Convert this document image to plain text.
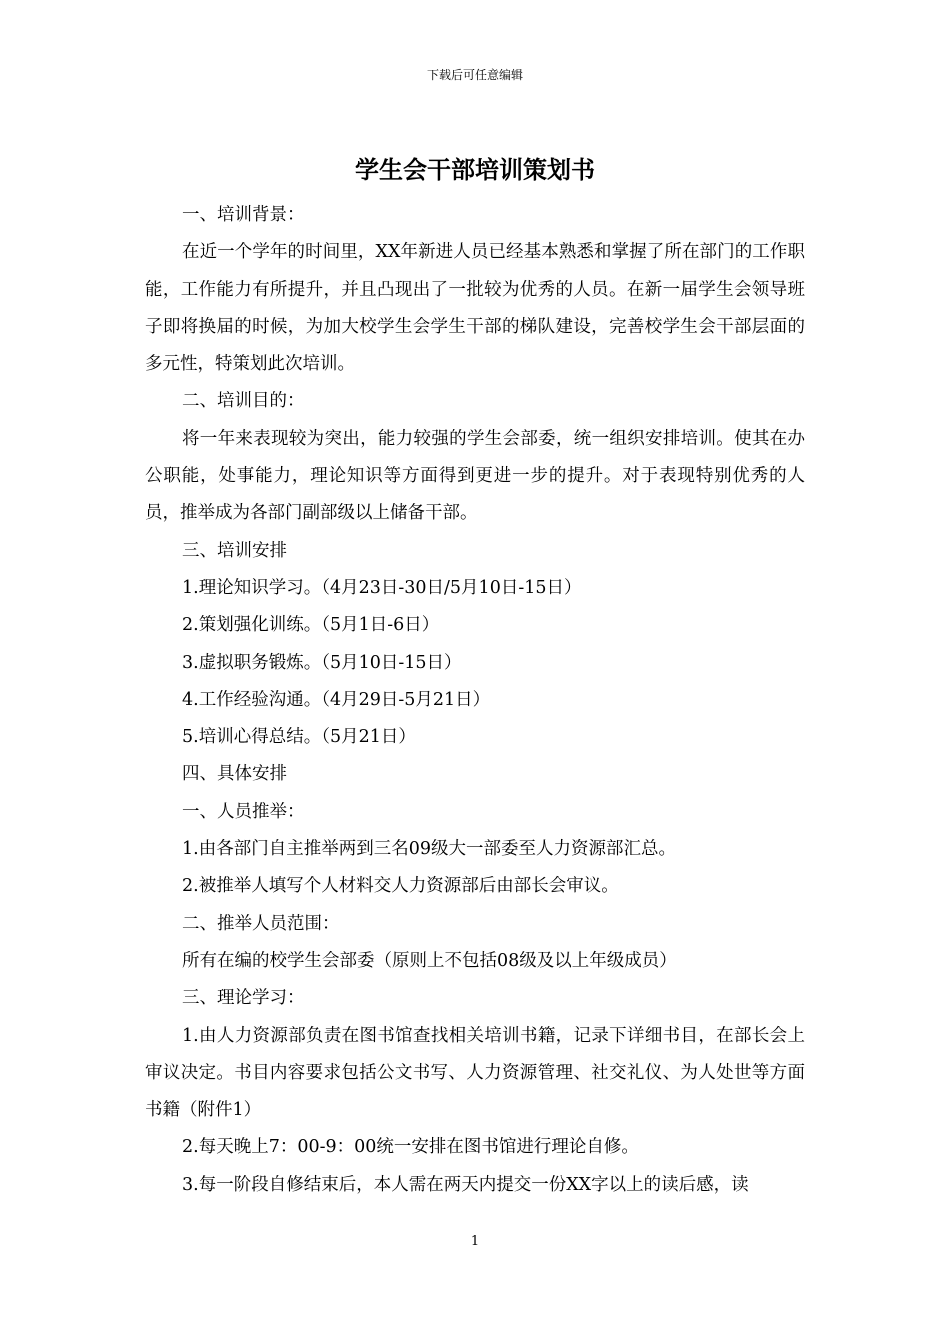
下载后可任意编辑
学生会干部培训策划书

一、培训背景：

在近一个学年的时间里，XX年新进人员已经基本熟悉和掌握了所在部门的工作职能，工作能力有所提升，并且凸现出了一批较为优秀的人员。在新一届学生会领导班子即将换届的时候，为加大校学生会学生干部的梯队建设，完善校学生会干部层面的多元性，特策划此次培训。

二、培训目的：

将一年来表现较为突出，能力较强的学生会部委，统一组织安排培训。使其在办公职能，处事能力，理论知识等方面得到更进一步的提升。对于表现特别优秀的人员，推举成为各部门副部级以上储备干部。

三、培训安排

1.理论知识学习。（4月23日-30日/5月10日-15日）

2.策划强化训练。（5月1日-6日）

3.虚拟职务锻炼。（5月10日-15日）

4.工作经验沟通。（4月29日-5月21日）

5.培训心得总结。（5月21日）

四、具体安排

一、人员推举：

1.由各部门自主推举两到三名09级大一部委至人力资源部汇总。

2.被推举人填写个人材料交人力资源部后由部长会审议。

二、推举人员范围：

所有在编的校学生会部委（原则上不包括08级及以上年级成员）

三、理论学习：

1.由人力资源部负责在图书馆查找相关培训书籍，记录下详细书目，在部长会上审议决定。书目内容要求包括公文书写、人力资源管理、社交礼仪、为人处世等方面书籍（附件1）

2.每天晚上7：00-9：00统一安排在图书馆进行理论自修。

3.每一阶段自修结束后，本人需在两天内提交一份XX字以上的读后感，读

1
